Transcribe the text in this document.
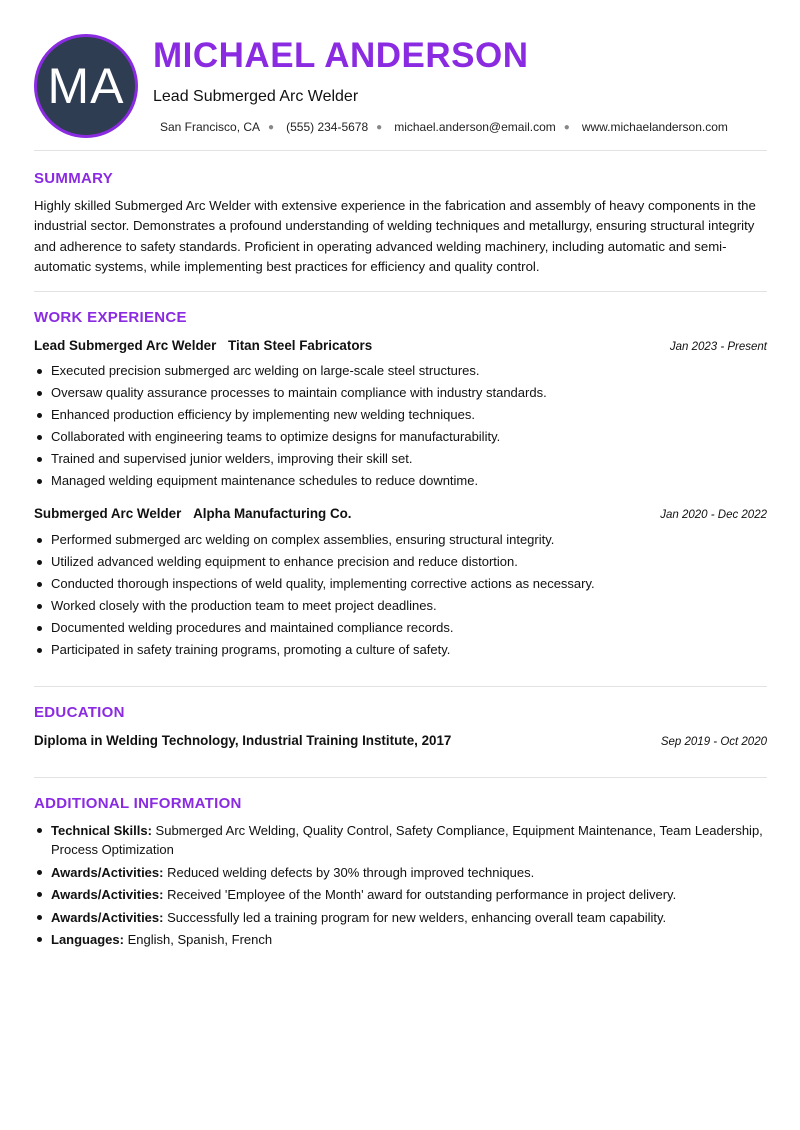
MA
MICHAEL ANDERSON
Lead Submerged Arc Welder
San Francisco, CA ● (555) 234-5678 ● michael.anderson@email.com ● www.michaelanderson.com
SUMMARY

Highly skilled Submerged Arc Welder with extensive experience in the fabrication and assembly of heavy components in the industrial sector. Demonstrates a profound understanding of welding techniques and metallurgy, ensuring structural integrity and adherence to safety standards. Proficient in operating advanced welding machinery, including automatic and semi-automatic systems, while implementing best practices for efficiency and quality control.

WORK EXPERIENCE
Lead Submerged Arc Welder Titan Steel Fabricators	Jan 2023 - Present
Executed precision submerged arc welding on large-scale steel structures.
Oversaw quality assurance processes to maintain compliance with industry standards.
Enhanced production efficiency by implementing new welding techniques.
Collaborated with engineering teams to optimize designs for manufacturability.
Trained and supervised junior welders, improving their skill set.
Managed welding equipment maintenance schedules to reduce downtime.
Submerged Arc Welder Alpha Manufacturing Co.	Jan 2020 - Dec 2022
Performed submerged arc welding on complex assemblies, ensuring structural integrity.
Utilized advanced welding equipment to enhance precision and reduce distortion.
Conducted thorough inspections of weld quality, implementing corrective actions as necessary.
Worked closely with the production team to meet project deadlines.
Documented welding procedures and maintained compliance records.
Participated in safety training programs, promoting a culture of safety.
EDUCATION
Diploma in Welding Technology, Industrial Training Institute, 2017	Sep 2019 - Oct 2020
ADDITIONAL INFORMATION
Technical Skills: Submerged Arc Welding, Quality Control, Safety Compliance, Equipment Maintenance, Team Leadership, Process Optimization
Awards/Activities: Reduced welding defects by 30% through improved techniques.
Awards/Activities: Received 'Employee of the Month' award for outstanding performance in project delivery.
Awards/Activities: Successfully led a training program for new welders, enhancing overall team capability.
Languages: English, Spanish, French
